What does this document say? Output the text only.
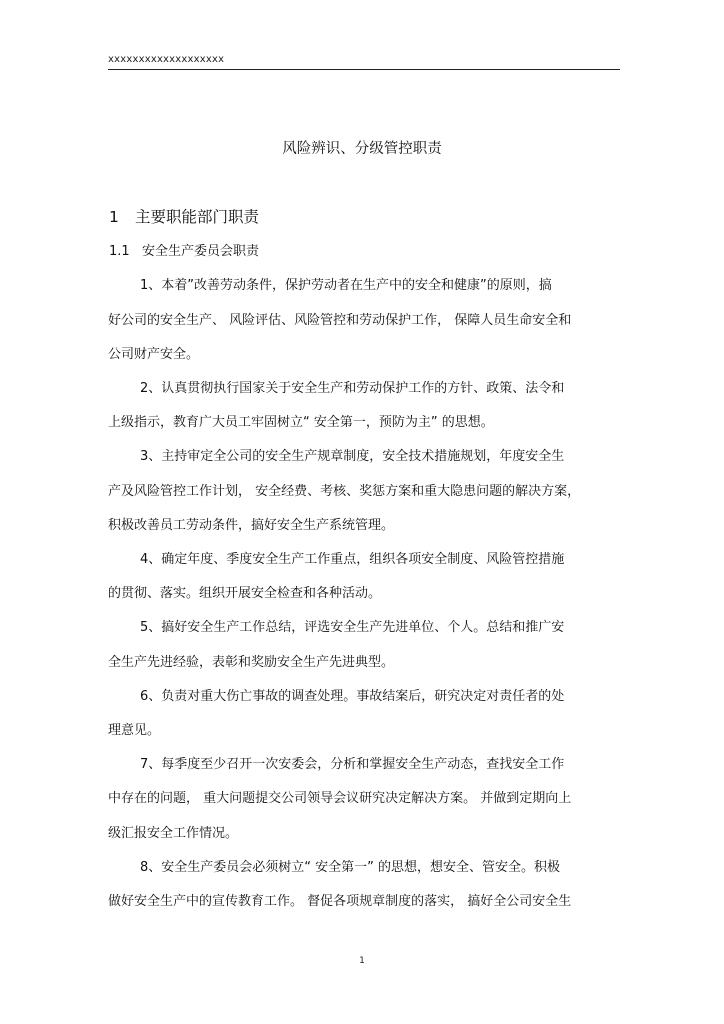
xxxxxxxxxxxxxxxxxxx
风险辨识、分级管控职责
1 主要职能部门职责
1.1 安全生产委员会职责
1、本着”改善劳动条件，保护劳动者在生产中的安全和健康”的原则，搞
好公司的安全生产、 风险评估、风险管控和劳动保护工作， 保障人员生命安全和
公司财产安全。
2、认真贯彻执行国家关于安全生产和劳动保护工作的方针、政策、法令和
上级指示，教育广大员工牢固树立“ 安全第一，预防为主” 的思想。
3、主持审定全公司的安全生产规章制度，安全技术措施规划，年度安全生
产及风险管控工作计划， 安全经费、考核、奖惩方案和重大隐患问题的解决方案，
积极改善员工劳动条件，搞好安全生产系统管理。
4、确定年度、季度安全生产工作重点，组织各项安全制度、风险管控措施
的贯彻、落实。组织开展安全检查和各种活动。
5、搞好安全生产工作总结，评选安全生产先进单位、个人。总结和推广安
全生产先进经验，表彰和奖励安全生产先进典型。
6、负责对重大伤亡事故的调查处理。事故结案后，研究决定对责任者的处
理意见。
7、每季度至少召开一次安委会，分析和掌握安全生产动态，查找安全工作
中存在的问题， 重大问题提交公司领导会议研究决定解决方案。 并做到定期向上
级汇报安全工作情况。
8、安全生产委员会必须树立“ 安全第一” 的思想，想安全、管安全。积极
做好安全生产中的宣传教育工作。 督促各项规章制度的落实， 搞好全公司安全生
1
